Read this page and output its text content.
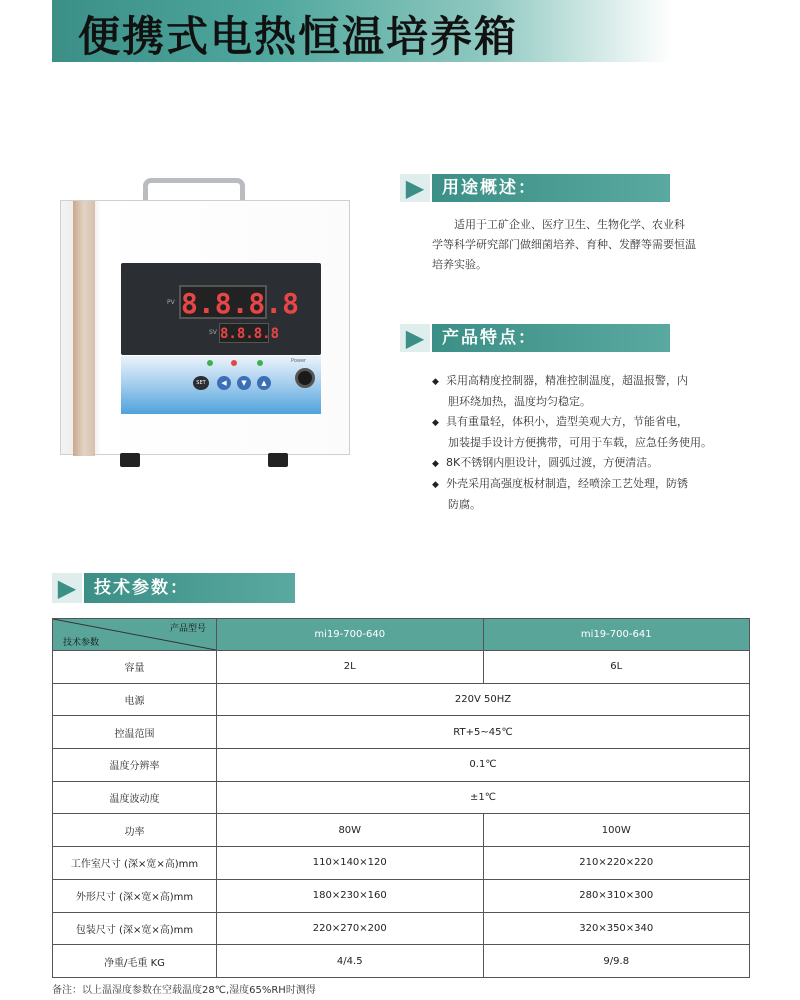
便携式电热恒温培养箱
PV 8.8.8.8
SV 8.8.8.8
SET	◀	▼	▲
Power
▶	用途概述：
适用于工矿企业、医疗卫生、生物化学、农业科
学等科学研究部门做细菌培养、育种、发酵等需要恒温
培养实验。
▶	产品特点：
◆ 采用高精度控制器，精准控制温度，超温报警，内
胆环绕加热，温度均匀稳定。
◆ 具有重量轻，体积小，造型美观大方，节能省电，
加装提手设计方便携带，可用于车载，应急任务使用。
◆ 8K不锈钢内胆设计，圆弧过渡，方便清洁。
◆ 外壳采用高强度板材制造，经喷涂工艺处理，防锈
防腐。
▶	技术参数：
产品型号
技术参数	mi19-700-640	mi19-700-641
容量	2L	6L
电源	220V 50HZ	
控温范围	RT+5~45℃	
温度分辨率	0.1℃	
温度波动度	±1℃	
功率	80W	100W
工作室尺寸 (深×宽×高)mm	110×140×120	210×220×220
外形尺寸 (深×宽×高)mm	180×230×160	280×310×300
包装尺寸 (深×宽×高)mm	220×270×200	320×350×340
净重/毛重 KG	4/4.5	9/9.8
备注：以上温湿度参数在空载温度28℃,湿度65%RH时测得
